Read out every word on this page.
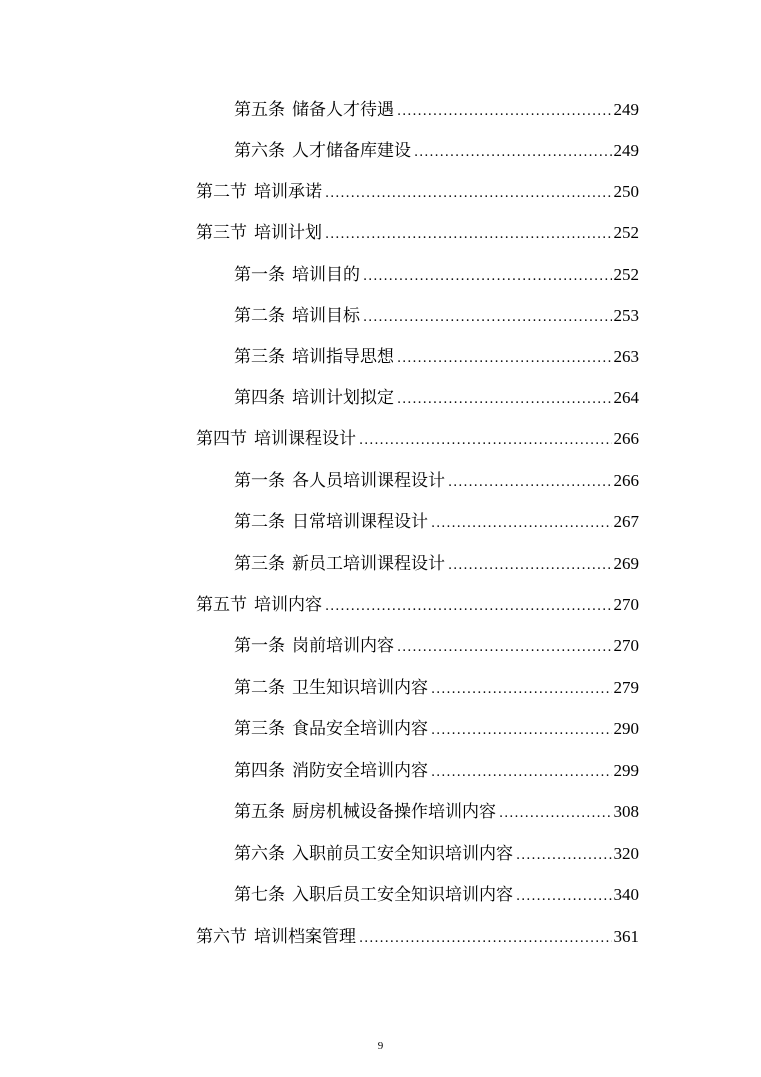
第五条 储备人才待遇 .....	249
第六条 人才储备库建设 .....	249
第二节 培训承诺 .....	250
第三节 培训计划 .....	252
第一条 培训目的 .....	252
第二条 培训目标 .....	253
第三条 培训指导思想 .....	263
第四条 培训计划拟定 .....	264
第四节 培训课程设计 .....	266
第一条 各人员培训课程设计 .....	266
第二条 日常培训课程设计 .....	267
第三条 新员工培训课程设计 .....	269
第五节 培训内容 .....	270
第一条 岗前培训内容 .....	270
第二条 卫生知识培训内容 .....	279
第三条 食品安全培训内容 .....	290
第四条 消防安全培训内容 .....	299
第五条 厨房机械设备操作培训内容 .....	308
第六条 入职前员工安全知识培训内容 .....	320
第七条 入职后员工安全知识培训内容 .....	340
第六节 培训档案管理 .....	361
9
